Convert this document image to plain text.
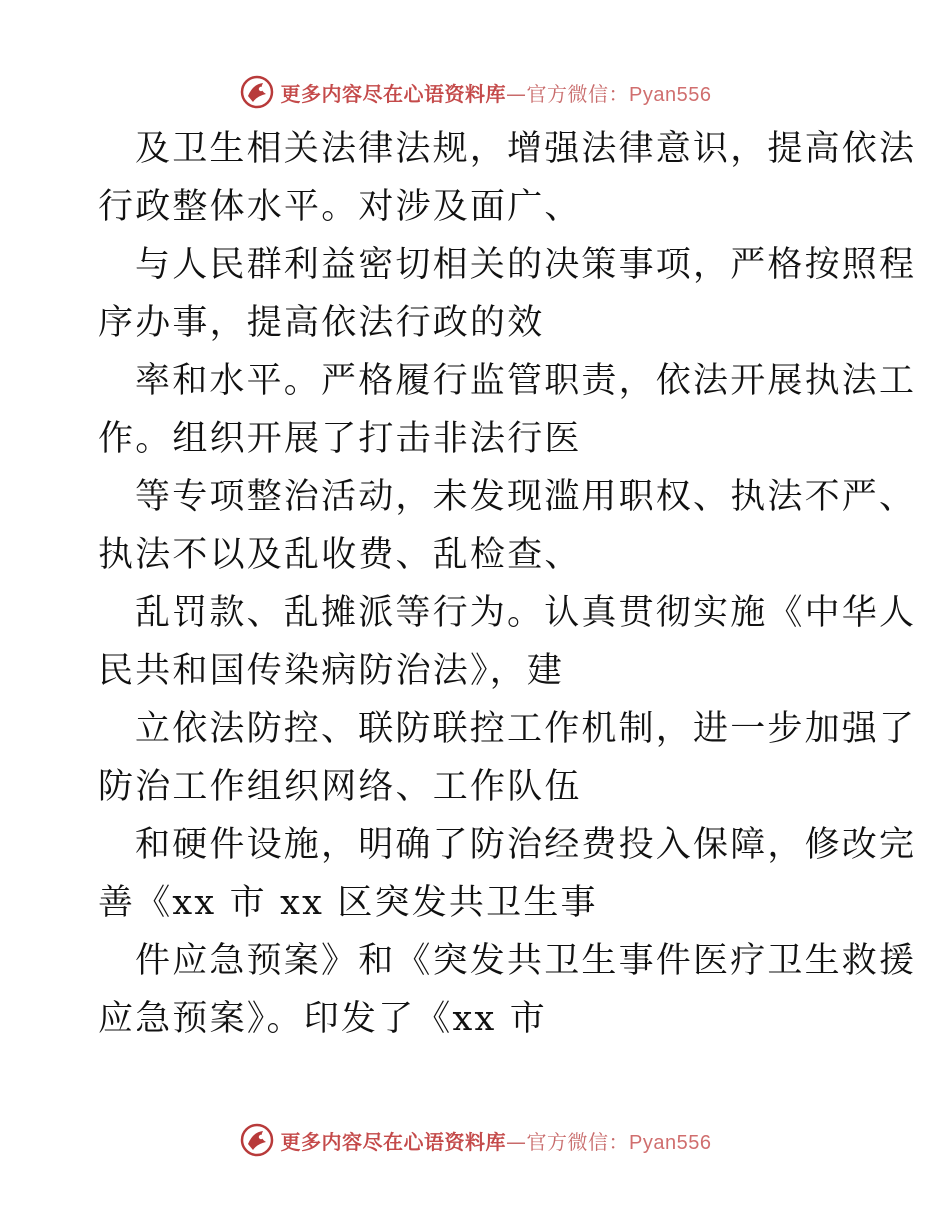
更多内容尽在心语资料库—官方微信：Pyan556

及卫生相关法律法规，增强法律意识，提高依法

行政整体水平。对涉及面广、

与人民群利益密切相关的决策事项，严格按照程

序办事，提高依法行政的效

率和水平。严格履行监管职责，依法开展执法工

作。组织开展了打击非法行医

等专项整治活动，未发现滥用职权、执法不严、

执法不以及乱收费、乱检查、

乱罚款、乱摊派等行为。认真贯彻实施《中华人

民共和国传染病防治法》，建

立依法防控、联防联控工作机制，进一步加强了

防治工作组织网络、工作队伍

和硬件设施，明确了防治经费投入保障，修改完

善《xx 市 xx 区突发共卫生事

件应急预案》和《突发共卫生事件医疗卫生救援

应急预案》。印发了《xx 市

更多内容尽在心语资料库—官方微信：Pyan556
